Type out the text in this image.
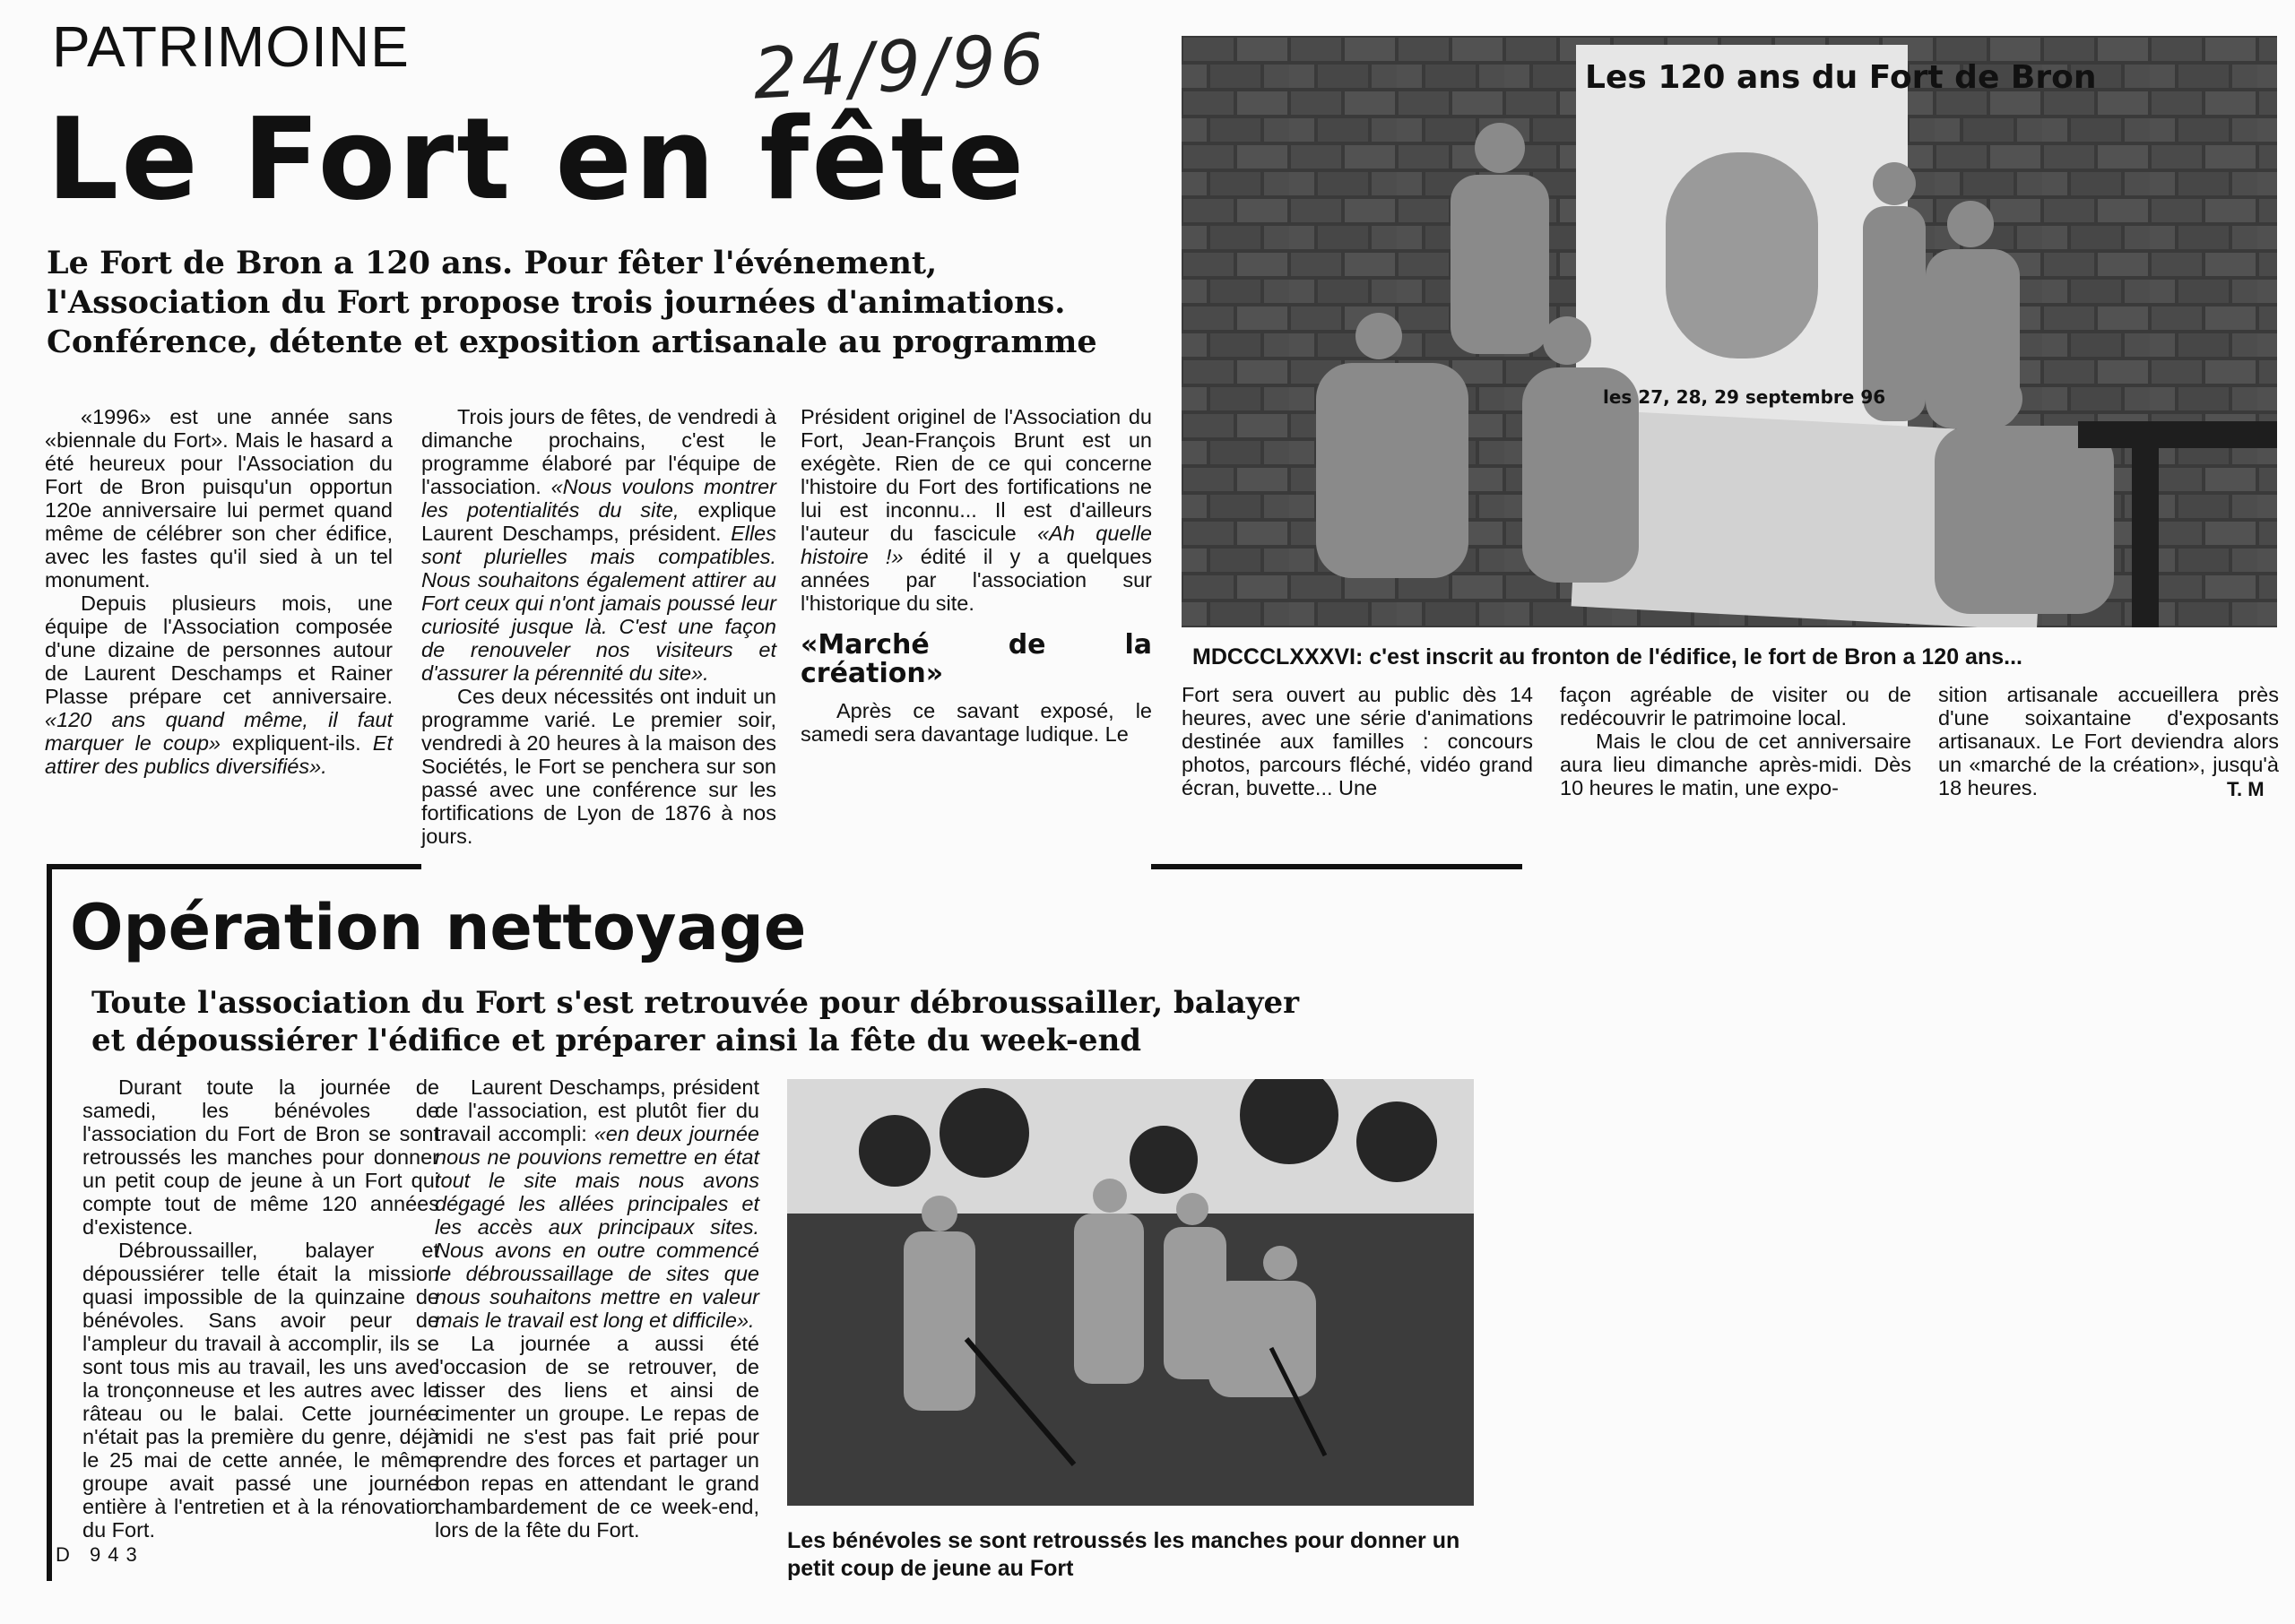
PATRIMOINE	24/9/96
Le Fort en fête
Le Fort de Bron a 120 ans. Pour fêter l'événement, l'Association du Fort propose trois journées d'animations. Conférence, détente et exposition artisanale au programme

«1996» est une année sans «biennale du Fort». Mais le hasard a été heureux pour l'Association du Fort de Bron puisqu'un opportun 120e anniversaire lui permet quand même de célébrer son cher édifice, avec les fastes qu'il sied à un tel monument.

Depuis plusieurs mois, une équipe de l'Association composée d'une dizaine de personnes autour de Laurent Deschamps et Rainer Plasse prépare cet anniversaire. «120 ans quand même, il faut marquer le coup» expliquent-ils. Et attirer des publics diversifiés».

Trois jours de fêtes, de vendredi à dimanche prochains, c'est le programme élaboré par l'équipe de l'association. «Nous voulons montrer les potentialités du site, explique Laurent Deschamps, président. Elles sont plurielles mais compatibles. Nous souhaitons également attirer au Fort ceux qui n'ont jamais poussé leur curiosité jusque là. C'est une façon de renouveler nos visiteurs et d'assurer la pérennité du site».

Ces deux nécessités ont induit un programme varié. Le premier soir, vendredi à 20 heures à la maison des Sociétés, le Fort se penchera sur son passé avec une conférence sur les fortifications de Lyon de 1876 à nos jours.

Président originel de l'Association du Fort, Jean-François Brunt est un exégète. Rien de ce qui concerne l'histoire du Fort des fortifications ne lui est inconnu... Il est d'ailleurs l'auteur du fascicule «Ah quelle histoire !» édité il y a quelques années par l'association sur l'historique du site.

«Marché de la création»

Après ce savant exposé, le samedi sera davantage ludique. Le

Les 120 ans du Fort de Bron
les 27, 28, 29 septembre 96
MDCCCLXXXVI: c'est inscrit au fronton de l'édifice, le fort de Bron a 120 ans...

Fort sera ouvert au public dès 14 heures, avec une série d'animations destinée aux familles : concours photos, parcours fléché, vidéo grand écran, buvette... Une

façon agréable de visiter ou de redécouvrir le patrimoine local.

Mais le clou de cet anniversaire aura lieu dimanche après-midi. Dès 10 heures le matin, une expo-

sition artisanale accueillera près d'une soixantaine d'exposants artisanaux. Le Fort deviendra alors un «marché de la création», jusqu'à 18 heures.	T. M
Opération nettoyage
Toute l'association du Fort s'est retrouvée pour débroussailler, balayer et dépoussiérer l'édifice et préparer ainsi la fête du week-end

Durant toute la journée de samedi, les bénévoles de l'association du Fort de Bron se sont retroussés les manches pour donner un petit coup de jeune à un Fort qui compte tout de même 120 années d'existence.

Débroussailler, balayer et dépoussiérer telle était la mission quasi impossible de la quinzaine de bénévoles. Sans avoir peur de l'ampleur du travail à accomplir, ils se sont tous mis au travail, les uns avec la tronçonneuse et les autres avec le râteau ou le balai. Cette journée n'était pas la première du genre, déjà le 25 mai de cette année, le même groupe avait passé une journée entière à l'entretien et à la rénovation du Fort.

Laurent Deschamps, président de l'association, est plutôt fier du travail accompli: «en deux journée nous ne pouvions remettre en état tout le site mais nous avons dégagé les allées principales et les accès aux principaux sites. Nous avons en outre commencé le débroussaillage de sites que nous souhaitons mettre en valeur mais le travail est long et difficile».

La journée a aussi été l'occasion de se retrouver, de tisser des liens et ainsi de cimenter un groupe. Le repas de midi ne s'est pas fait prié pour prendre des forces et partager un bon repas en attendant le grand chambardement de ce week-end, lors de la fête du Fort.	Les bénévoles se sont retroussés les manches pour donner un petit coup de jeune au Fort
D 943
